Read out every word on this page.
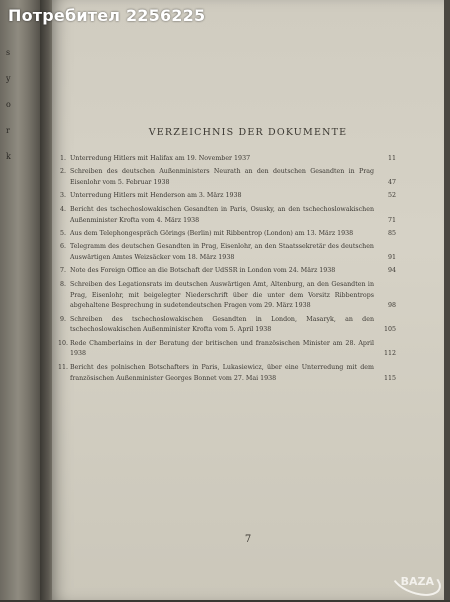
s
y
o
r
k
Потребител 2256225
VERZEICHNIS DER DOKUMENTE
1. Unterredung Hitlers mit Halifax am 19. November 1937	11
2. Schreiben des deutschen Außenministers Neurath an den deutschen Gesandten in Prag Eisenlohr vom 5. Februar 1938	47
3. Unterredung Hitlers mit Henderson am 3. März 1938	52
4. Bericht des tschechoslowakischen Gesandten in Paris, Osusky, an den tschechoslowakischen Außenminister Krofta vom 4. März 1938	71
5. Aus dem Telephongespräch Görings (Berlin) mit Ribbentrop (London) am 13. März 1938	85
6. Telegramm des deutschen Gesandten in Prag, Eisenlohr, an den Staatssekretär des deutschen Auswärtigen Amtes Weizsäcker vom 18. März 1938	91
7. Note des Foreign Office an die Botschaft der UdSSR in London vom 24. März 1938	94
8. Schreiben des Legationsrats im deutschen Auswärtigen Amt, Altenburg, an den Gesandten in Prag, Eisenlohr, mit beigelegter Niederschrift über die unter dem Vorsitz Ribbentrops abgehaltene Besprechung in sudetendeutschen Fragen vom 29. März 1938	98
9. Schreiben des tschechoslowakischen Gesandten in London, Masaryk, an den tschechoslowakischen Außenminister Krofta vom 5. April 1938	105
10. Rede Chamberlains in der Beratung der britischen und französischen Minister am 28. April 1938	112
11. Bericht des polnischen Botschafters in Paris, Lukasiewicz, über eine Unterredung mit dem französischen Außenminister Georges Bonnet vom 27. Mai 1938	115
7
BAZA
